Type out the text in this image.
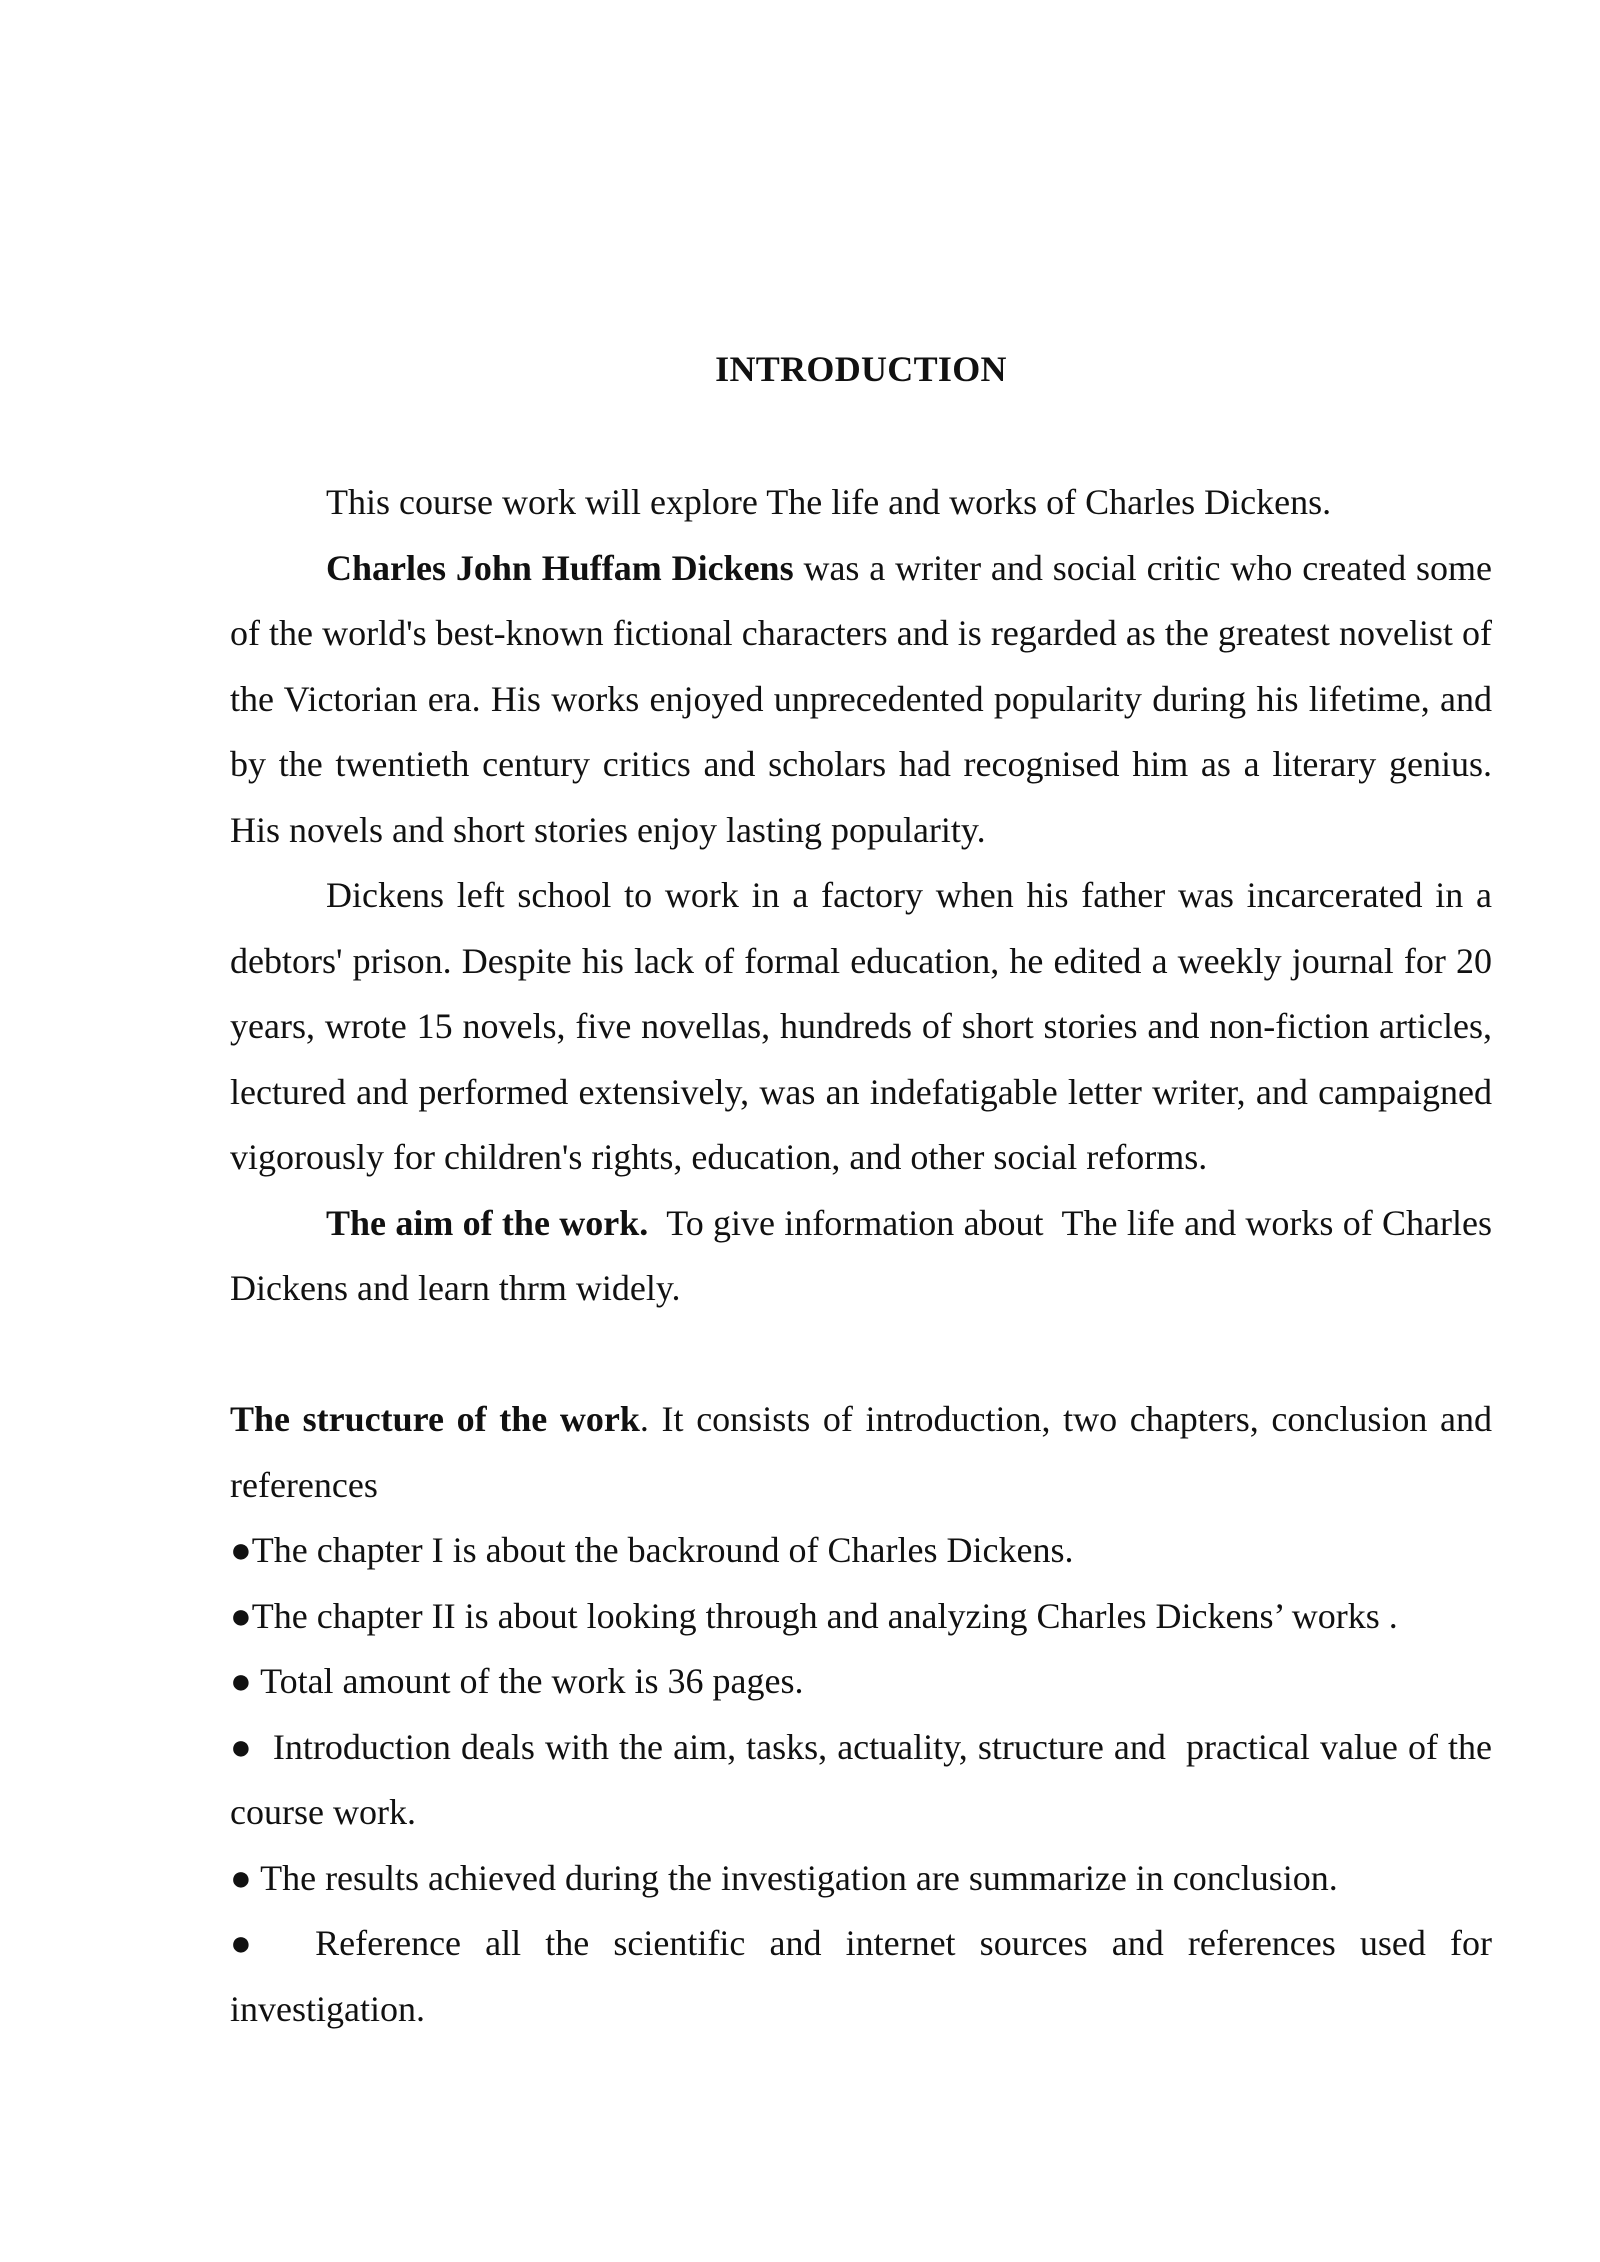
INTRODUCTION

This course work will explore The life and works of Charles Dickens.

Charles John Huffam Dickens was a writer and social critic who created some of the world's best-known fictional characters and is regarded as the greatest novelist of the Victorian era. His works enjoyed unprecedented popularity during his lifetime, and by the twentieth century critics and scholars had recognised him as a literary genius. His novels and short stories enjoy lasting popularity.

Dickens left school to work in a factory when his father was incarcerated in a debtors' prison. Despite his lack of formal education, he edited a weekly journal for 20 years, wrote 15 novels, five novellas, hundreds of short stories and non-fiction articles, lectured and performed extensively, was an indefatigable letter writer, and campaigned vigorously for children's rights, education, and other social reforms.

The aim of the work.  To give information about  The life and works of Charles Dickens and learn thrm widely.

The structure of the work. It consists of introduction, two chapters, conclusion and references

●The chapter I is about the backround of Charles Dickens.

●The chapter II is about looking through and analyzing Charles Dickens’ works .

● Total amount of the work is 36 pages.

●  Introduction deals with the aim, tasks, actuality, structure and  practical value of the course work.

● The results achieved during the investigation are summarize in conclusion.

●  Reference all the scientific and internet sources and references used for investigation.
